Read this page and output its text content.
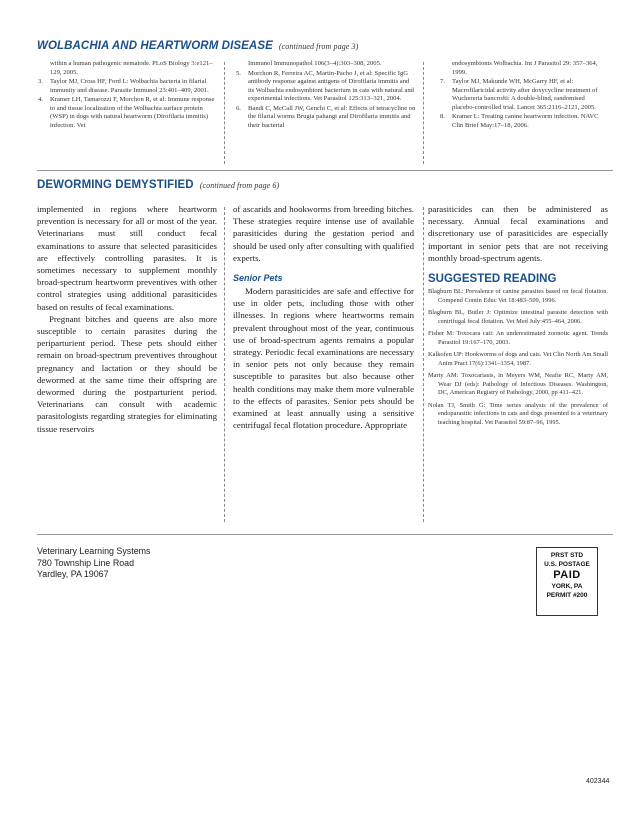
WOLBACHIA AND HEARTWORM DISEASE (continued from page 3)
within a human pathogenic nematode. PLoS Biology 3:e121–129, 2005.
3. Taylor MJ, Cross HF, Ford L: Wolbachia bacteria in filarial immunity and disease. Parasite Immunol 23:401–409, 2001.
4. Kramer LH, Tamarozzi F, Morchon R, et al: Immune response to and tissue localization of the Wolbachia surface protein (WSP) in dogs with natural heartworm (Dirofilaria immitis) infection. Vet
Immunol Immunopathol 106(3–4):303–308, 2005.
5. Morchon R, Ferreira AC, Martin-Pacho J, et al: Specific IgG antibody response against antigens of Dirofilaria immitis and its Wolbachia endosymbiont bacterium in cats with natural and experimental infections. Vet Parasitol 125:313–321, 2004.
6. Bandi C, McCall JW, Genchi C, et al: Effects of tetracycline on the filarial worms Brugia pahangi and Dirofilaria immitis and their bacterial
endosymbionts Wolbachia. Int J Parasitol 29: 357–364, 1999.
7. Taylor MJ, Makunde WH, McGarry HF, et al: Macrofilaricidal activity after doxycycline treatment of Wuchereria bancrofti: A double-blind, randomised placebo-controlled trial. Lancet 365:2116–2121, 2005.
8. Kramer L: Treating canine heartworm infection. NAVC Clin Brief May:17–18, 2006.
DEWORMING DEMYSTIFIED (continued from page 6)

implemented in regions where heartworm prevention is necessary for all or most of the year. Veterinarians must still conduct fecal examinations to assure that selected parasiticides are effectively controlling parasites. It is sometimes necessary to supplement monthly broad-spectrum heartworm preventives with other control strategies using additional parasiticides based on results of fecal examinations.

Pregnant bitches and queens are also more susceptible to certain parasites during the periparturient period. These pets should either remain on broad-spectrum preventives throughout pregnancy and lactation or they should be dewormed at the same time their offspring are dewormed during the postparturient period. Veterinarians can consult with academic parasitologists regarding strategies for eliminating tissue reservoirs

of ascarids and hookworms from breeding bitches. These strategies require intense use of available parasiticides during the gestation period and should be used only after consulting with qualified experts.

Senior Pets

Modern parasiticides are safe and effective for use in older pets, including those with other illnesses. In regions where heartworms remain prevalent throughout most of the year, continuous use of broad-spectrum agents remains a popular strategy. Periodic fecal examinations are necessary in senior pets not only because they remain susceptible to parasites but also because other health conditions may make them more vulnerable to the effects of parasites. Senior pets should be examined at least annually using a sensitive centrifugal fecal flotation procedure. Appropriate

parasiticides can then be administered as necessary. Annual fecal examinations and discretionary use of parasiticides are especially important in senior pets that are not receiving monthly broad-spectrum agents.

SUGGESTED READING
Blagburn BL: Prevalence of canine parasites based on fecal flotation. Compend Contin Educ Vet 18:483–509, 1996.
Blagburn BL, Butler J: Optimize intestinal parasite detection with centrifugal fecal flotation. Vet Med July:455–464, 2006.
Fisher M: Toxocara cati: An underestimated zoonotic agent. Trends Parasitol 19:167–170, 2003.
Kalkofen UP: Hookworms of dogs and cats. Vet Clin North Am Small Anim Pract 17(6):1341–1354, 1987.
Marty AM: Toxocariasis, in Meyers WM, Neafie RC, Marty AM, Wear DJ (eds): Pathology of Infectious Diseases. Washington, DC, American Registry of Pathology, 2000, pp 411–421.
Nolan TJ, Smith G: Time series analysis of the prevalence of endoparasitic infections in cats and dogs presented to a veterinary teaching hospital. Vet Parasitol 59:87–96, 1995.
Veterinary Learning Systems
780 Township Line Road
Yardley, PA 19067
PRST STD
U.S. POSTAGE
PAID
YORK, PA
PERMIT #200
402344
